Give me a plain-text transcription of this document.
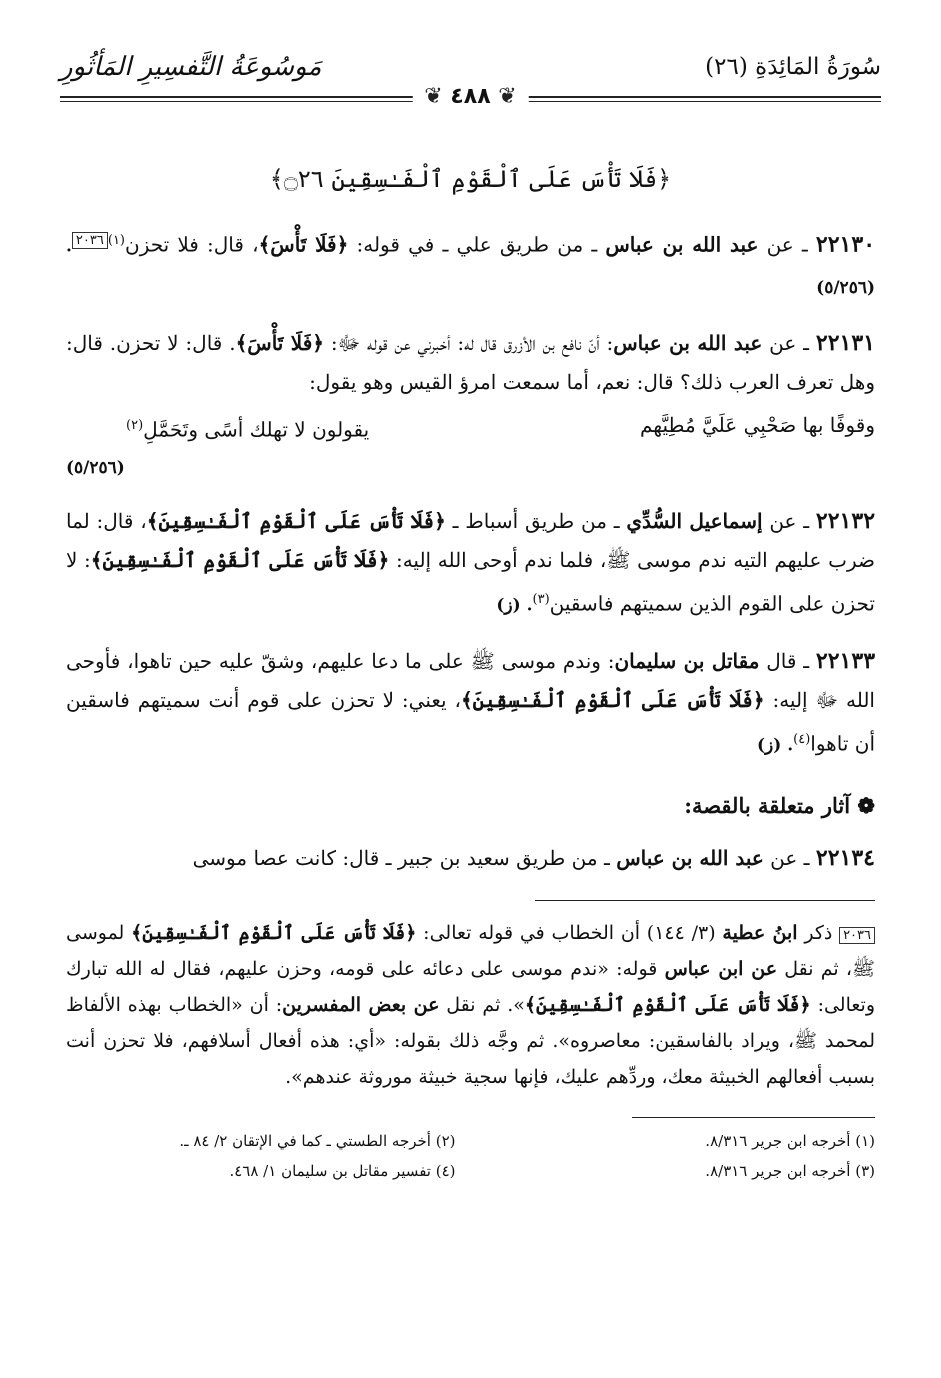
مَوسُوعَةُ التَّفسِيرِ المَأثُورِ	سُورَةُ المَائِدَةِ (٢٦)
❦ ٤٨٨ ❦
﴿فَلَا تَأْسَ عَلَى ٱلْقَوْمِ ٱلْفَـٰسِقِينَ ۝٢٦﴾

٢٢١٣٠ ـ عن عبد الله بن عباس ـ من طريق علي ـ في قوله: ﴿فَلَا تَأْسَ﴾، قال: فلا تحزن$^{(١)}$٢٠٣٦. (٥/٢٥٦)

٢٢١٣١ ـ عن عبد الله بن عباس: أنّ نافع بن الأزرق قال له: أخبرني عن قوله ﷻ: ﴿فَلَا تَأْسَ﴾. قال: لا تحزن. قال: وهل تعرف العرب ذلك؟ قال: نعم، أما سمعت امرؤ القيس وهو يقول:

وقوفًا بها صَحْبِي عَلَيَّ مُطِيَّهم
يقولون لا تهلك أسًى وتَحَمَّلِ$^{(٢)}$
(٥/٢٥٦)

٢٢١٣٢ ـ عن إسماعيل السُّدِّي ـ من طريق أسباط ـ ﴿فَلَا تَأْسَ عَلَى ٱلْقَوْمِ ٱلْفَـٰسِقِينَ﴾، قال: لما ضرب عليهم التيه ندم موسى ﷺ، فلما ندم أوحى الله إليه: ﴿فَلَا تَأْسَ عَلَى ٱلْقَوْمِ ٱلْفَـٰسِقِينَ﴾: لا تحزن على القوم الذين سميتهم فاسقين$^{(٣)}$. (ز)

٢٢١٣٣ ـ قال مقاتل بن سليمان: وندم موسى ﷺ على ما دعا عليهم، وشقّ عليه حين تاهوا، فأوحى الله ﷻ إليه: ﴿فَلَا تَأْسَ عَلَى ٱلْقَوْمِ ٱلْفَـٰسِقِينَ﴾، يعني: لا تحزن على قوم أنت سميتهم فاسقين أن تاهوا$^{(٤)}$. (ز)

❁ آثار متعلقة بالقصة:

٢٢١٣٤ ـ عن عبد الله بن عباس ـ من طريق سعيد بن جبير ـ قال: كانت عصا موسى

٢٠٣٦ ذكر ابنُ عطية (٣/ ١٤٤) أن الخطاب في قوله تعالى: ﴿فَلَا تَأْسَ عَلَى ٱلْقَوْمِ ٱلْفَـٰسِقِينَ﴾ لموسى ﷺ، ثم نقل عن ابن عباس قوله: «ندم موسى على دعائه على قومه، وحزن عليهم، فقال له الله تبارك وتعالى: ﴿فَلَا تَأْسَ عَلَى ٱلْقَوْمِ ٱلْفَـٰسِقِينَ﴾». ثم نقل عن بعض المفسرين: أن «الخطاب بهذه الألفاظ لمحمد ﷺ، ويراد بالفاسقين: معاصروه». ثم وجَّه ذلك بقوله: «أي: هذه أفعال أسلافهم، فلا تحزن أنت بسبب أفعالهم الخبيثة معك، وردِّهم عليك، فإنها سجية خبيثة موروثة عندهم».

(١) أخرجه ابن جرير ٨/٣١٦.
(٢) أخرجه الطستي ـ كما في الإتقان ٢/ ٨٤ ـ.
(٣) أخرجه ابن جرير ٨/٣١٦.
(٤) تفسير مقاتل بن سليمان ١/ ٤٦٨.
